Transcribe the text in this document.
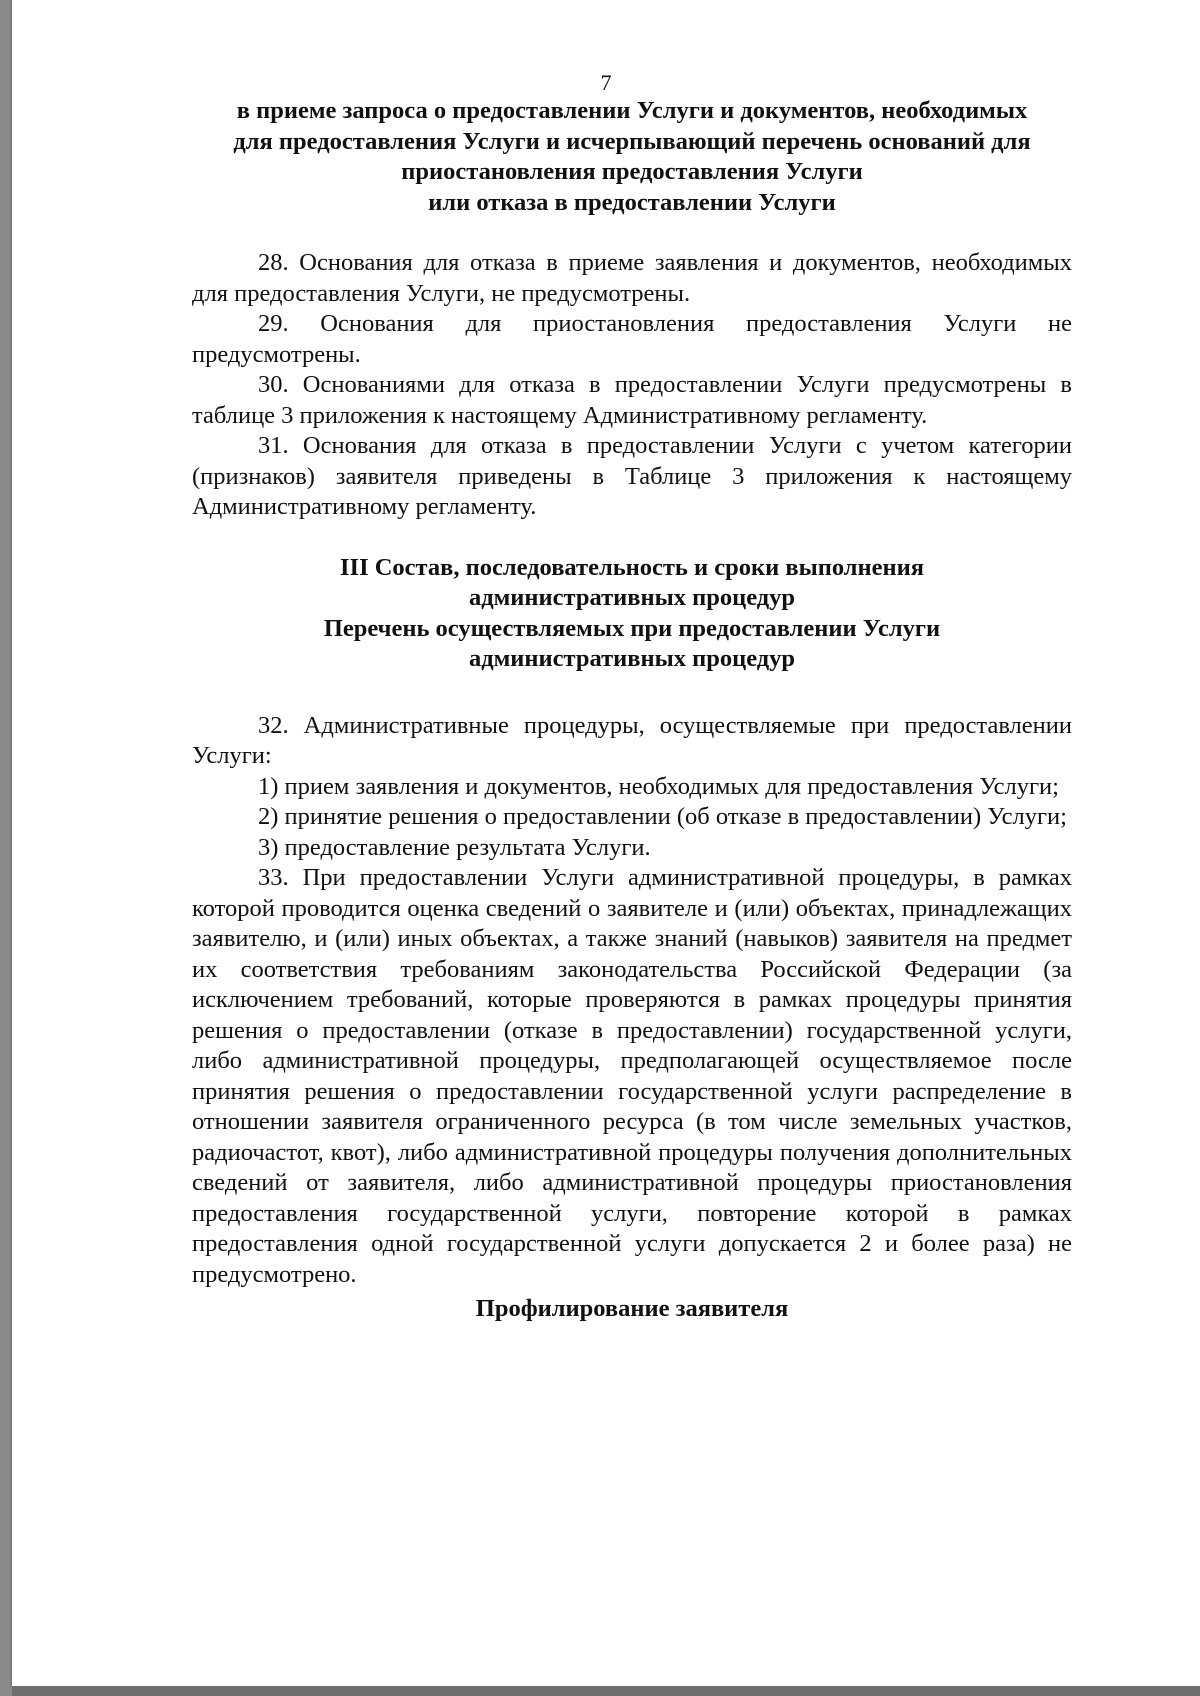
7
в приеме запроса о предоставлении Услуги и документов, необходимых
для предоставления Услуги и исчерпывающий перечень оснований для
приостановления предоставления Услуги
или отказа в предоставлении Услуги

28. Основания для отказа в приеме заявления и документов, необходимых для предоставления Услуги, не предусмотрены.

29. Основания для приостановления предоставления Услуги не предусмотрены.

30. Основаниями для отказа в предоставлении Услуги предусмотрены в таблице 3 приложения к настоящему Административному регламенту.

31. Основания для отказа в предоставлении Услуги с учетом категории (признаков) заявителя приведены в Таблице 3 приложения к настоящему Административному регламенту.

III Состав, последовательность и сроки выполнения
административных процедур
Перечень осуществляемых при предоставлении Услуги
административных процедур

32. Административные процедуры, осуществляемые при предоставлении Услуги:

1) прием заявления и документов, необходимых для предоставления Услуги;

2) принятие решения о предоставлении (об отказе в предоставлении) Услуги;

3) предоставление результата Услуги.

33. При предоставлении Услуги административной процедуры, в рамках которой проводится оценка сведений о заявителе и (или) объектах, принадлежащих заявителю, и (или) иных объектах, а также знаний (навыков) заявителя на предмет их соответствия требованиям законодательства Российской Федерации (за исключением требований, которые проверяются в рамках процедуры принятия решения о предоставлении (отказе в предоставлении) государственной услуги, либо административной процедуры, предполагающей осуществляемое после принятия решения о предоставлении государственной услуги распределение в отношении заявителя ограниченного ресурса (в том числе земельных участков, радиочастот, квот), либо административной процедуры получения дополнительных сведений от заявителя, либо административной процедуры приостановления предоставления государственной услуги, повторение которой в рамках предоставления одной государственной услуги допускается 2 и более раза) не предусмотрено.

Профилирование заявителя
